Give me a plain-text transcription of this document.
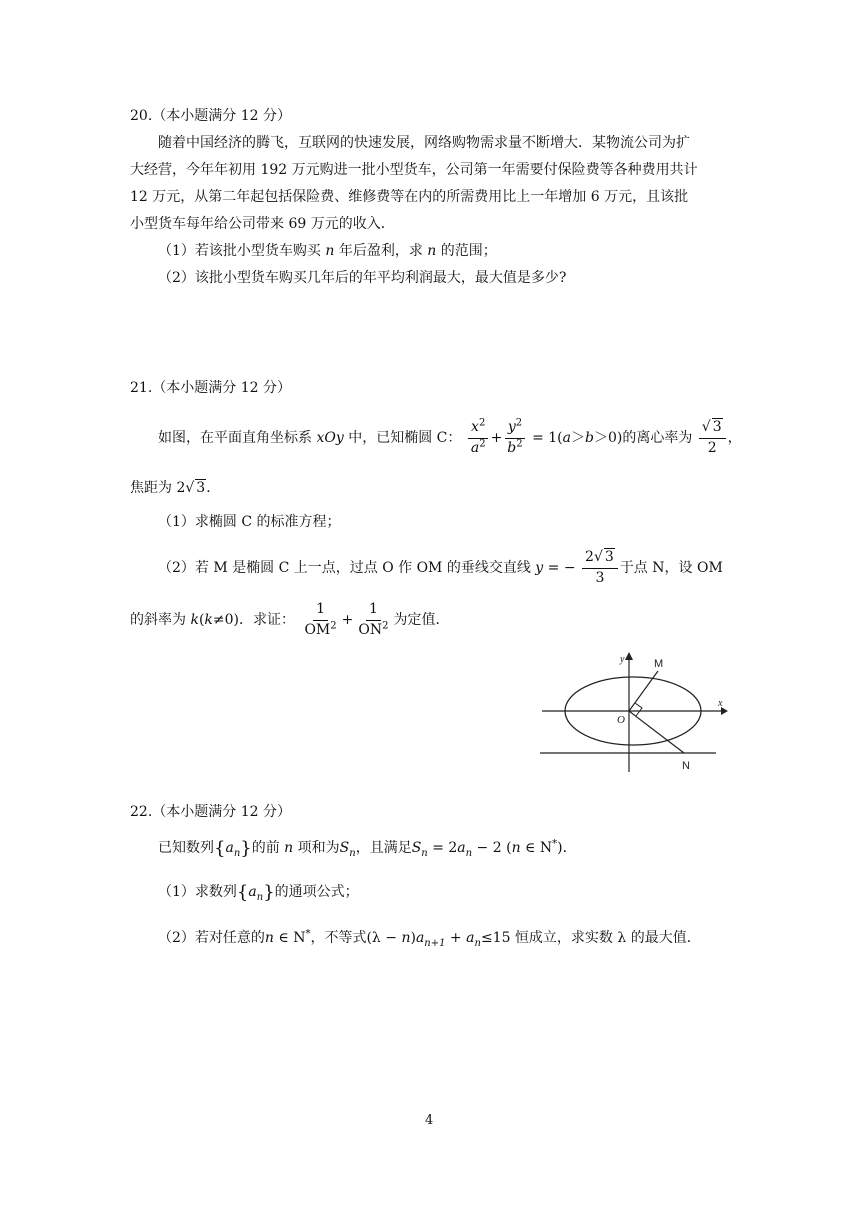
20.（本小题满分 12 分）
随着中国经济的腾飞，互联网的快速发展，网络购物需求量不断增大．某物流公司为扩
大经营，今年年初用 192 万元购进一批小型货车，公司第一年需要付保险费等各种费用共计
12 万元，从第二年起包括保险费、维修费等在内的所需费用比上一年增加 6 万元，且该批
小型货车每年给公司带来 69 万元的收入．
（1）若该批小型货车购买 n 年后盈利，求 n 的范围；
（2）该批小型货车购买几年后的年平均利润最大，最大值是多少?
21.（本小题满分 12 分）
如图，在平面直角坐标系 xOy 中，已知椭圆 C： $\frac{x^2}{a^2} + \frac{y^2}{b^2} = 1(a>b>0)$的离心率为 $\frac{√ 3}{2}$ ，
焦距为 2√ 3．
（1）求椭圆 C 的标准方程；
（2）若 M 是椭圆 C 上一点，过点 O 作 OM 的垂线交直线 y = − $\frac{2√ 3}{3}$ 于点 N，设 OM
的斜率为 k(k≠0)．求证： $\frac{1}{OM^2} + \frac{1}{ON^2}$ 为定值．
M
N
O
x
y
22.（本小题满分 12 分）
已知数列$\{a_n\}$的前 n 项和为$S_n$，且满足$S_n = 2a_n - 2$ (n ∈ N*)．
（1）求数列$\{a_n\}$的通项公式；
（2）若对任意的n ∈ N*，不等式$(\lambda - n)a_{n+1} + a_n\le 15$ 恒成立，求实数 λ 的最大值．
4
